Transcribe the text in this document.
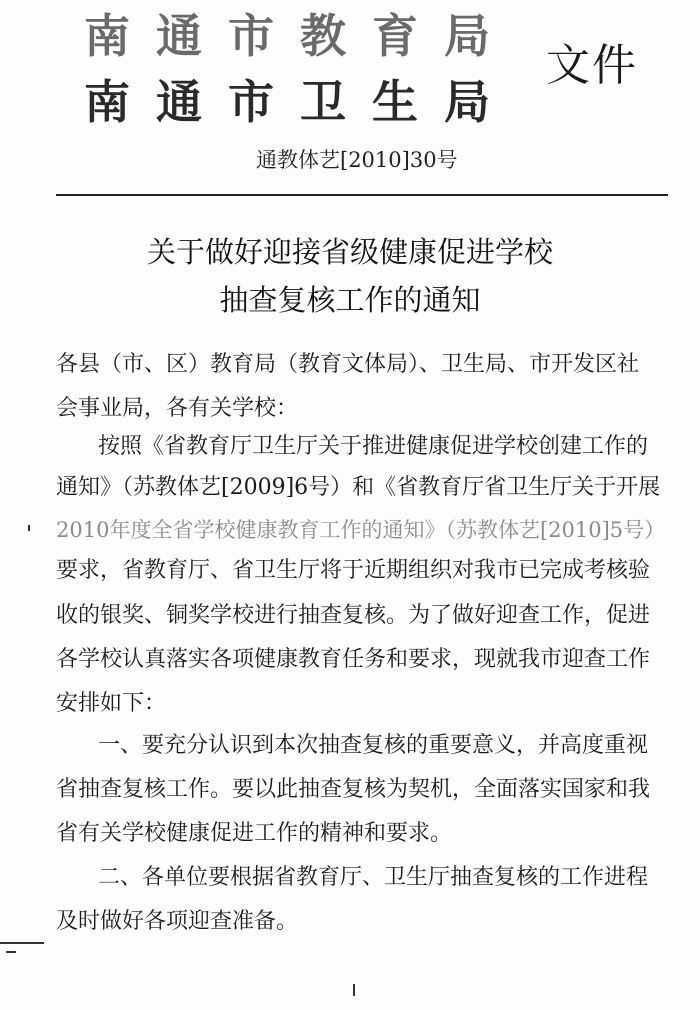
南通市教育局
南通市卫生局
文件
通教体艺[2010]30号
关于做好迎接省级健康促进学校
抽查复核工作的通知
各县（市、区）教育局（教育文体局）、卫生局、市开发区社
会事业局，各有关学校：
按照《省教育厅卫生厅关于推进健康促进学校创建工作的
通知》（苏教体艺[2009]6号）和《省教育厅省卫生厅关于开展
2010年度全省学校健康教育工作的通知》（苏教体艺[2010]5号）
要求，省教育厅、省卫生厅将于近期组织对我市已完成考核验
收的银奖、铜奖学校进行抽查复核。为了做好迎查工作，促进
各学校认真落实各项健康教育任务和要求，现就我市迎查工作
安排如下：
一、要充分认识到本次抽查复核的重要意义，并高度重视
省抽查复核工作。要以此抽查复核为契机，全面落实国家和我
省有关学校健康促进工作的精神和要求。
二、各单位要根据省教育厅、卫生厅抽查复核的工作进程
及时做好各项迎查准备。
